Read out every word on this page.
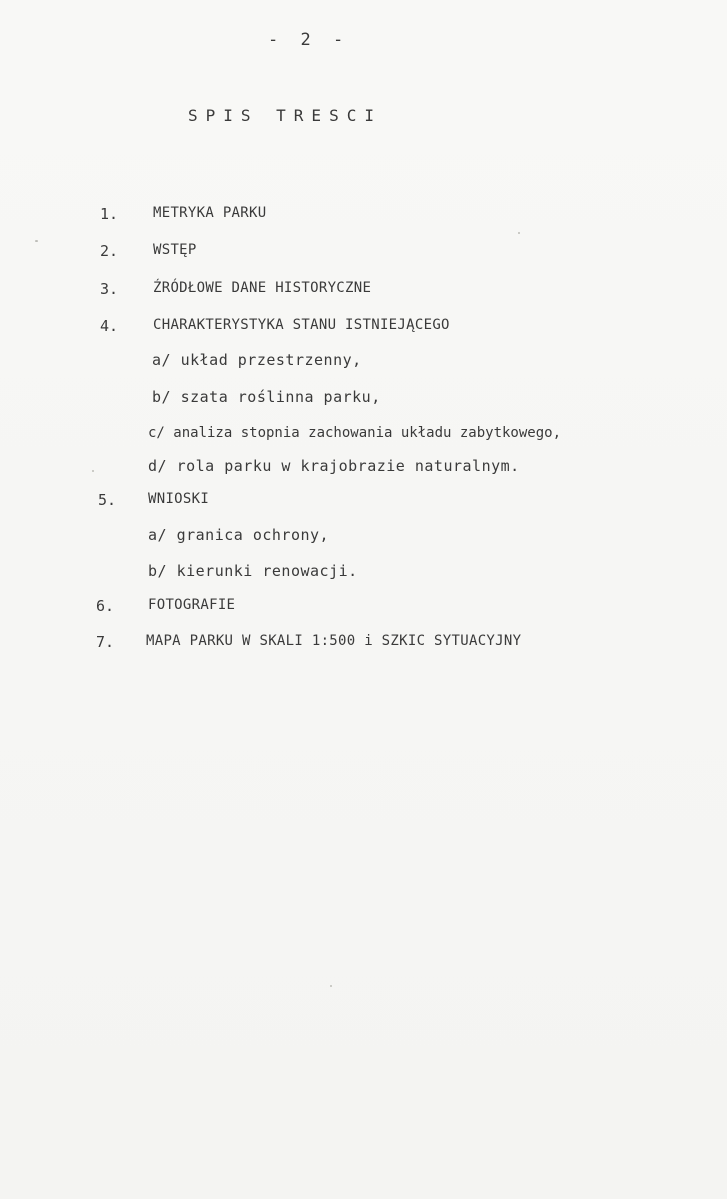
- 2 -
SPIS TRESCI
1.	METRYKA PARKU
2.	WSTĘP
3.	ŹRÓDŁOWE DANE HISTORYCZNE
4.	CHARAKTERYSTYKA STANU ISTNIEJĄCEGO
a/ układ przestrzenny,
b/ szata roślinna parku,
c/ analiza stopnia zachowania układu zabytkowego,
d/ rola parku w krajobrazie naturalnym.
5.	WNIOSKI
a/ granica ochrony,
b/ kierunki renowacji.
6.	FOTOGRAFIE
7.	MAPA PARKU W SKALI 1:500 i SZKIC SYTUACYJNY
